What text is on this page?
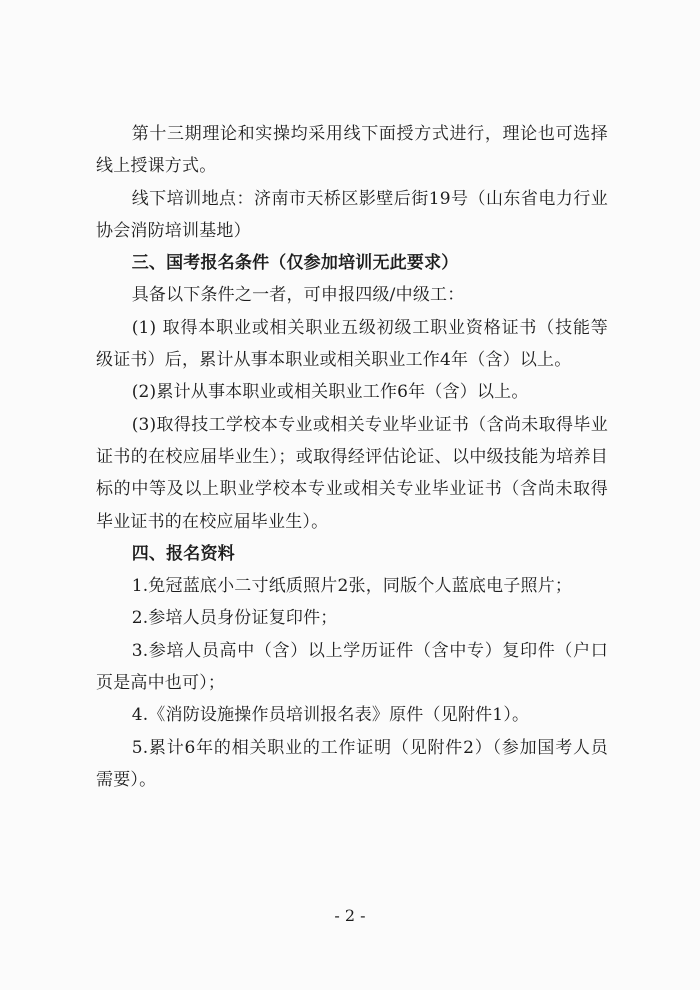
第十三期理论和实操均采用线下面授方式进行，理论也可选择线上授课方式。

线下培训地点：济南市天桥区影壁后街19号（山东省电力行业协会消防培训基地）

三、国考报名条件（仅参加培训无此要求）

具备以下条件之一者，可申报四级/中级工：

(1) 取得本职业或相关职业五级初级工职业资格证书（技能等级证书）后，累计从事本职业或相关职业工作4年（含）以上。

(2)累计从事本职业或相关职业工作6年（含）以上。

(3)取得技工学校本专业或相关专业毕业证书（含尚未取得毕业证书的在校应届毕业生）；或取得经评估论证、以中级技能为培养目标的中等及以上职业学校本专业或相关专业毕业证书（含尚未取得毕业证书的在校应届毕业生）。

四、报名资料

1.免冠蓝底小二寸纸质照片2张，同版个人蓝底电子照片；

2.参培人员身份证复印件；

3.参培人员高中（含）以上学历证件（含中专）复印件（户口页是高中也可）；

4.《消防设施操作员培训报名表》原件（见附件1）。

5.累计6年的相关职业的工作证明（见附件2）（参加国考人员需要）。

- 2 -
